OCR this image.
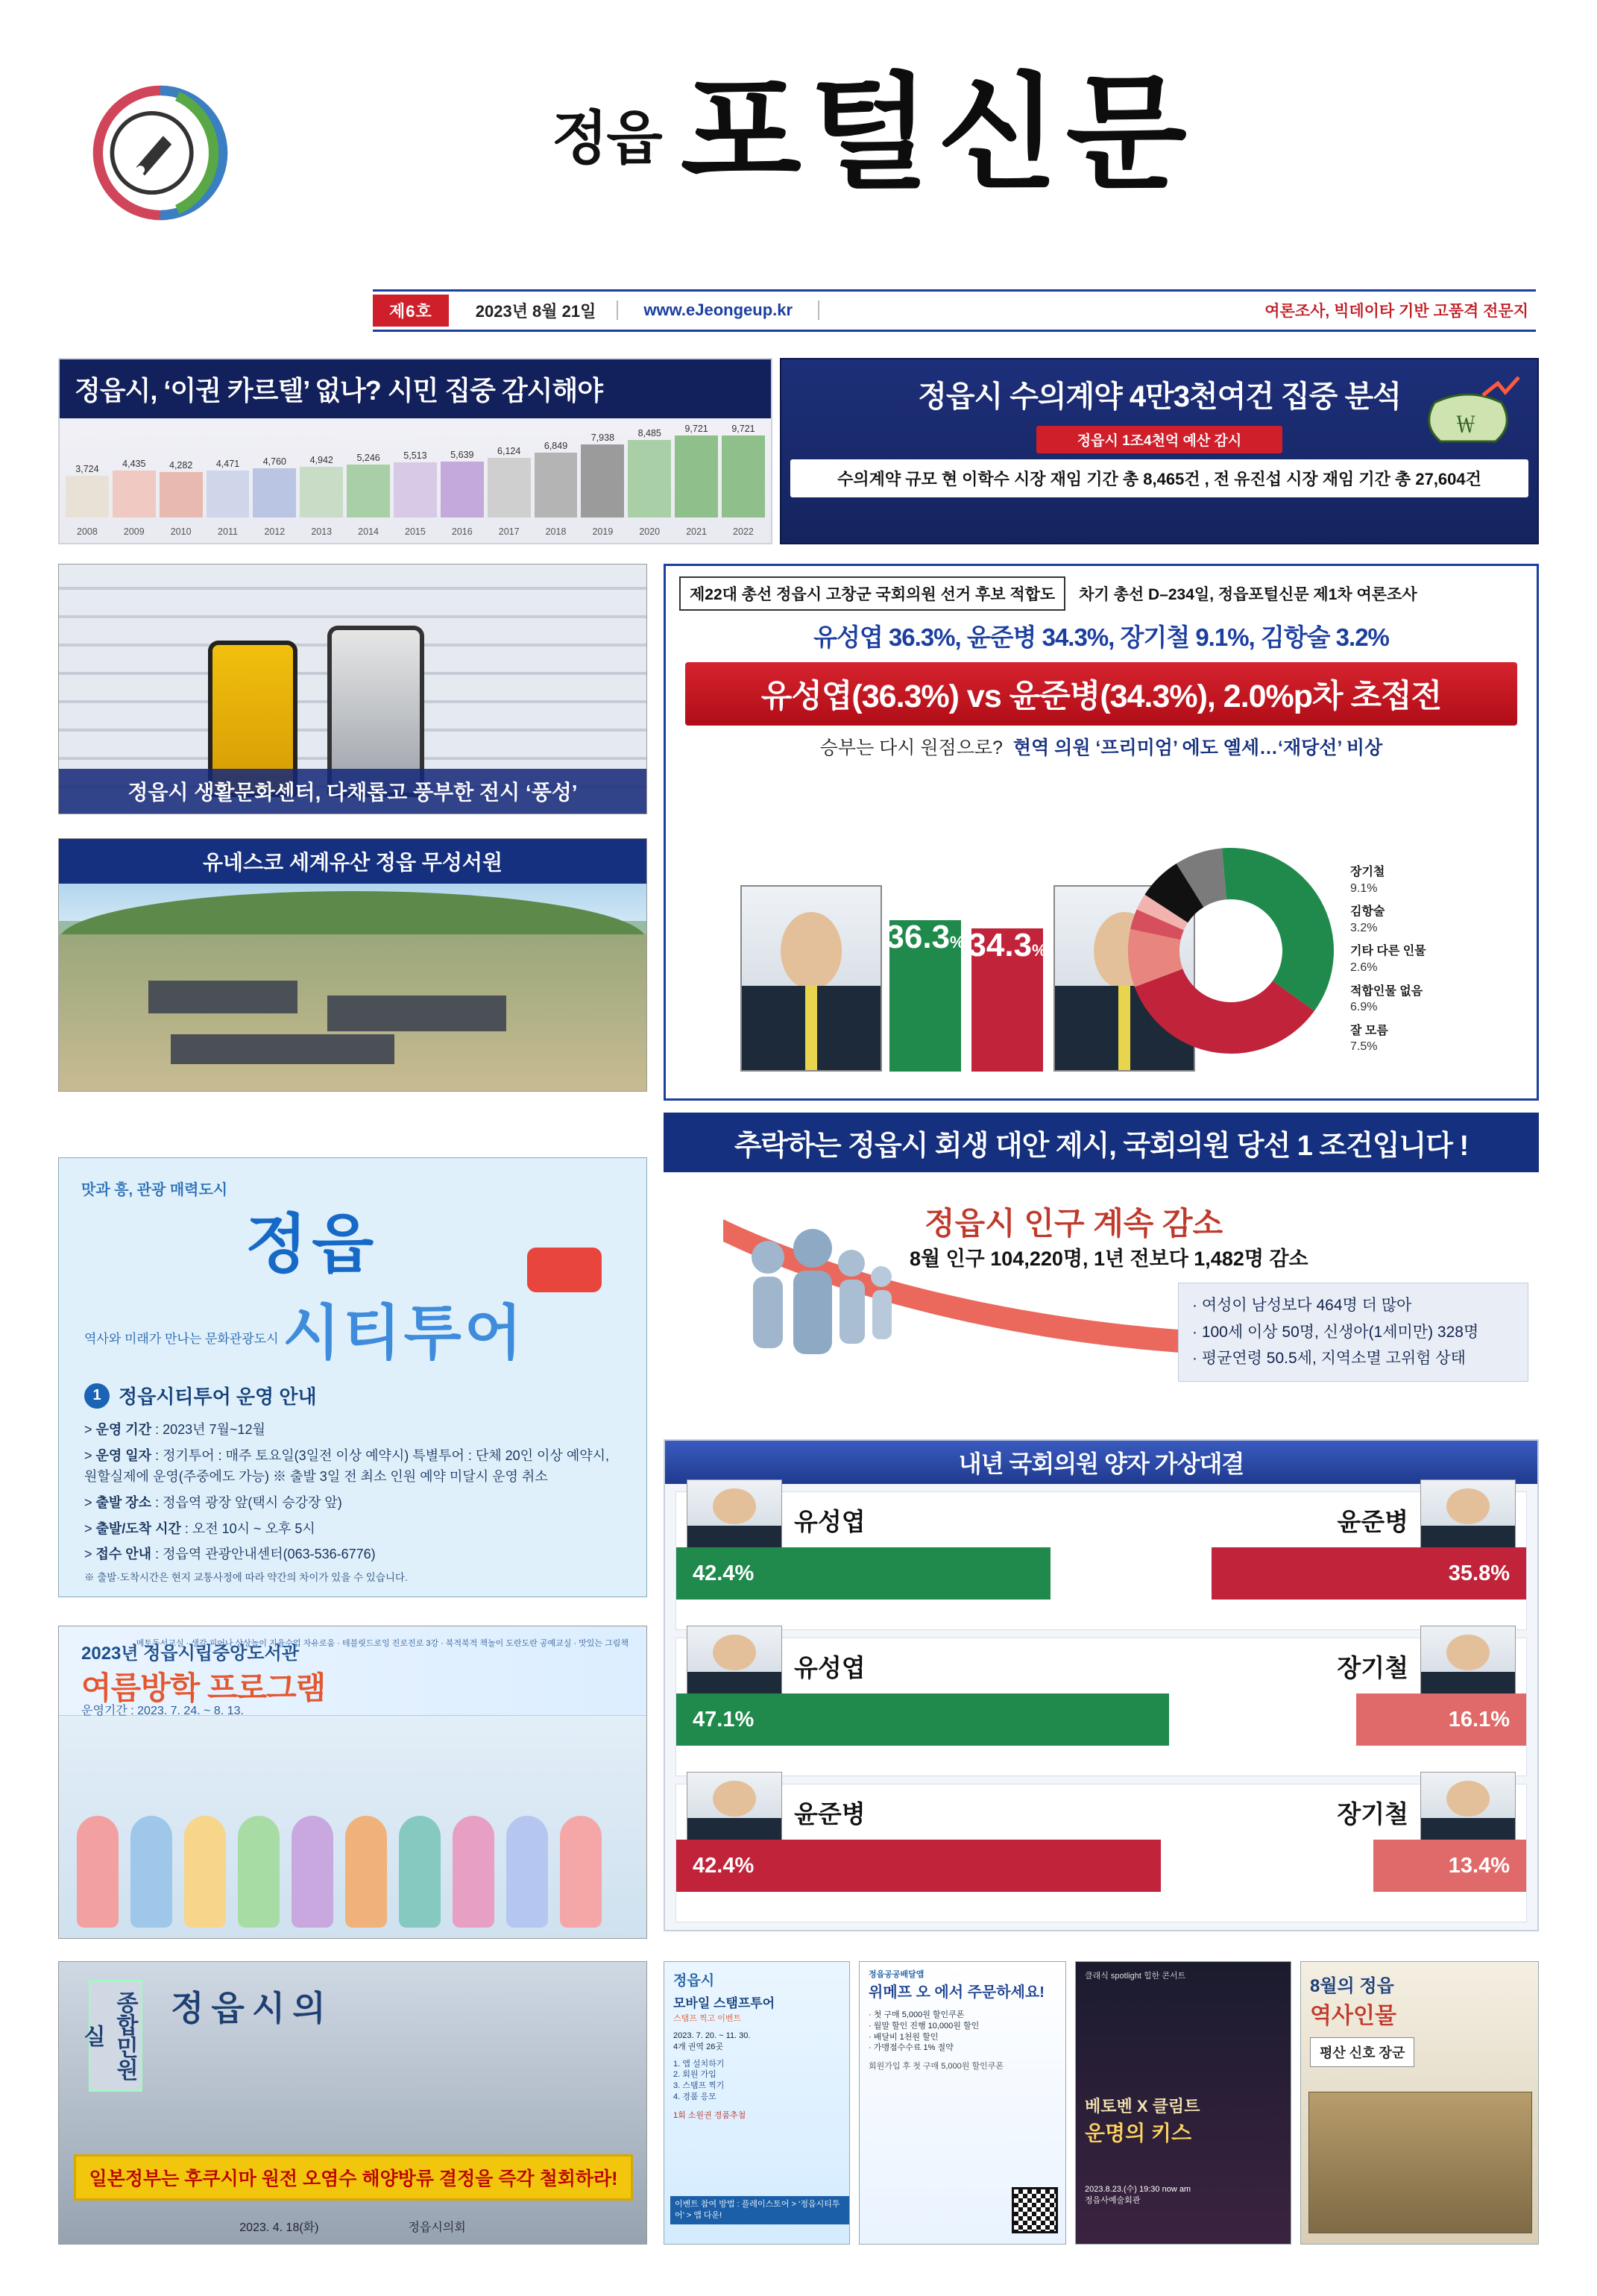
정읍 포털신문
제6호	2023년 8월 21일	www.eJeongeup.kr	여론조사, 빅데이타 기반 고품격 전문지
정읍시, ‘이권 카르텔’ 없나? 시민 집중 감시해야
3,724
2008
4,435
2009
4,282
2010
4,471
2011
4,760
2012
4,942
2013
5,246
2014
5,513
2015
5,639
2016
6,124
2017
6,849
2018
7,938
2019
8,485
2020
9,721
2021
9,721
2022
￦
정읍시 수의계약 4만3천여건 집중 분석
정읍시 1조4천억 예산 감시
수의계약 규모 현 이학수 시장 재임 기간 총 8,465건 , 전 유진섭 시장 재임 기간 총 27,604건
정읍시 생활문화센터, 다채롭고 풍부한 전시 ‘풍성’
유네스코 세계유산 정읍 무성서원
맛과 흥, 관광 매력도시
정읍
시티투어
역사와 미래가 만나는 문화관광도시
1 정읍시티투어 운영 안내
> 운영 기간 : 2023년 7월~12월
> 운영 일자 : 정기투어 : 매주 토요일(3일전 이상 예약시) 특별투어 : 단체 20인 이상 예약시, 원할실제에 운영(주중에도 가능) ※ 출발 3일 전 최소 인원 예약 미달시 운영 취소
> 출발 장소 : 정읍역 광장 앞(택시 승강장 앞)
> 출발/도착 시간 : 오전 10시 ~ 오후 5시
> 접수 안내 : 정읍역 관광안내센터(063-536-6776)
※ 출발·도착시간은 현지 교통사정에 따라 약간의 차이가 있을 수 있습니다.
2023년 정읍시립중앙도서관
여름방학 프로그램
운영기간 : 2023. 7. 24. ~ 8. 13.
메토독서교실 · 생각 피어나 상상놀이 지율수업 자유로움 · 테블릿드로잉 진로진로 3강 · 북적북적 책놀이 도란도란 공예교실 · 맛있는 그림책
정읍시의
종합민원실
일본정부는 후쿠시마 원전 오염수 해양방류 결정을 즉각 철회하라!
2023. 4. 18(화)	정읍시의회
제22대 총선 정읍시 고창군 국회의원 선거 후보 적합도	차기 총선 D–234일, 정읍포털신문 제1차 여론조사
유성엽 36.3%, 윤준병 34.3%, 장기철 9.1%, 김항술 3.2%
유성엽(36.3%) vs 윤준병(34.3%), 2.0%p차 초접전
승부는 다시 원점으로? 현역 의원 ‘프리미엄’ 에도 옐세…‘재당선’ 비상
36.3% 34.3%
장기철
9.1%
김항술
3.2%
기타 다른 인물
2.6%
적합인물 없음
6.9%
잘 모름
7.5%
추락하는 정읍시 회생 대안 제시, 국회의원 당선 1 조건입니다 !
정읍시 인구 계속 감소
8월 인구 104,220명, 1년 전보다 1,482명 감소
· 여성이 남성보다 464명 더 많아
· 100세 이상 50명, 신생아(1세미만) 328명
· 평균연령 50.5세, 지역소멸 고위험 상태
내년 국회의원 양자 가상대결
유성엽	윤준병
42.4%	35.8%
유성엽	장기철
47.1%	16.1%
윤준병	장기철
42.4%	13.4%
정읍시
모바일 스탬프투어
스탬프 찍고 이벤트
2023. 7. 20. ~ 11. 30.
4개 권역 26곳
1. 앱 설치하기
2. 회원 가입
3. 스탬프 찍기
4. 경품 응모
1회 소원권 경품추첨
이벤트 참여 방법 : 플레이스토어 > ‘정읍시티투어’ > 앱 다운!
정읍공공배달앱
위메프 오 에서 주문하세요!
· 첫 구매 5,000원 할인쿠폰
· 월말 할인 진행 10,000원 할인
· 배달비 1천원 할인
· 가맹점수수료 1% 절약
회원가입 후 첫 구매 5,000원 할인쿠폰
클래식 spotlight 힙한 콘서트
베토벤 X 클림트
운명의 키스
2023.8.23.(수) 19:30 now am
정읍사예술회관
8월의 정읍
역사인물
평산 신호 장군
